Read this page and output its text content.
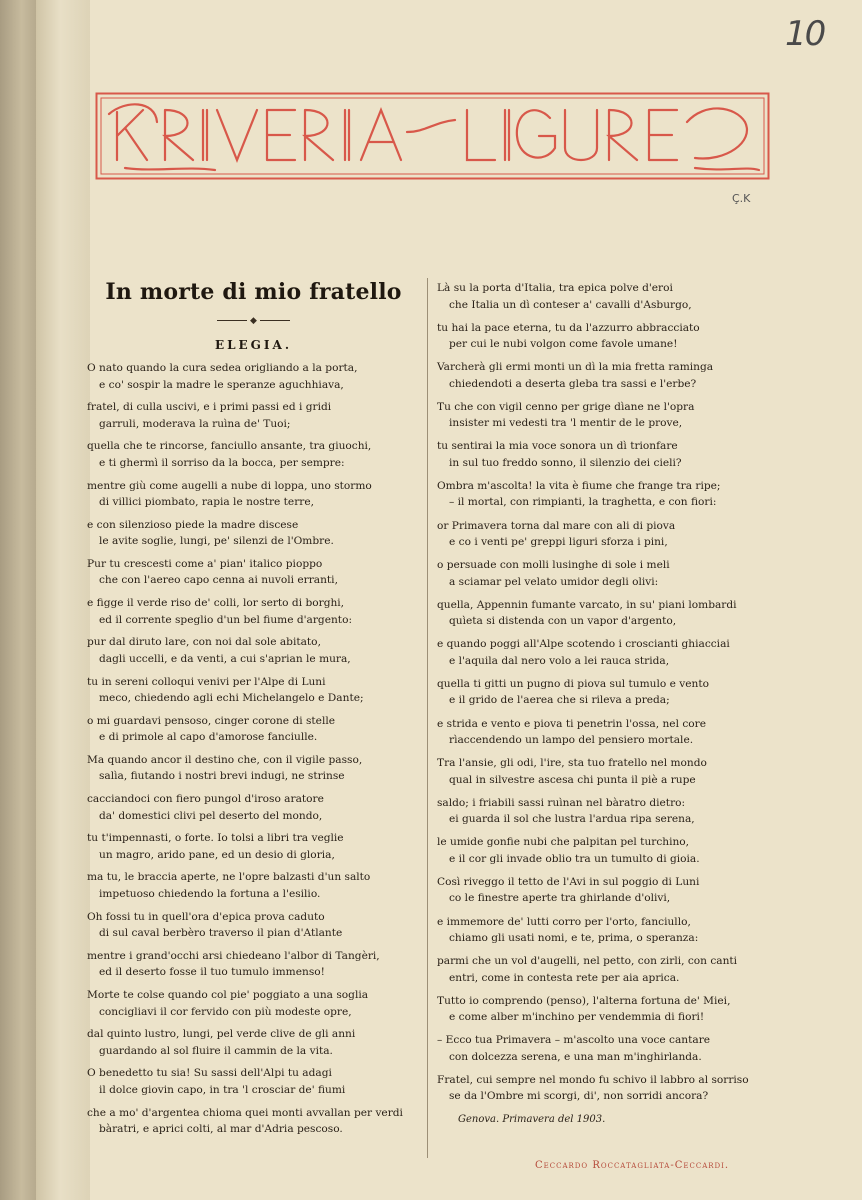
10
Ç.K
In morte di mio fratello
◆
ELEGIA.
O nato quando la cura sedea origliando a la porta,
e co' sospir la madre le speranze aguchhiava,
fratel, di culla uscivi, e i primi passi ed i gridi
garruli, moderava la ruìna de' Tuoi;
quella che te rincorse, fanciullo ansante, tra giuochi,
e ti ghermì il sorriso da la bocca, per sempre:
mentre giù come augelli a nube di loppa, uno stormo
di villici piombato, rapia le nostre terre,
e con silenzioso piede la madre discese
le avite soglie, lungi, pe' silenzi de l'Ombre.
Pur tu crescesti come a' pian' italico pioppo
che con l'aereo capo cenna ai nuvoli erranti,
e figge il verde riso de' colli, lor serto di borghi,
ed il corrente speglio d'un bel fiume d'argento:
pur dal diruto lare, con noi dal sole abitato,
dagli uccelli, e da venti, a cui s'aprian le mura,
tu in sereni colloqui venivi per l'Alpe di Luni
meco, chiedendo agli echi Michelangelo e Dante;
o mi guardavi pensoso, cinger corone di stelle
e di primole al capo d'amorose fanciulle.
Ma quando ancor il destino che, con il vigile passo,
salìa, fiutando i nostri brevi indugi, ne strinse
cacciandoci con fiero pungol d'iroso aratore
da' domestici clivi pel deserto del mondo,
tu t'impennasti, o forte. Io tolsi a libri tra veglie
un magro, arido pane, ed un desio di gloria,
ma tu, le braccia aperte, ne l'opre balzasti d'un salto
impetuoso chiedendo la fortuna a l'esilio.
Oh fossi tu in quell'ora d'epica prova caduto
di sul caval berbèro traverso il pian d'Atlante
mentre i grand'occhi arsi chiedeano l'albor di Tangèri,
ed il deserto fosse il tuo tumulo immenso!
Morte te colse quando col pie' poggiato a una soglia
concigliavi il cor fervido con più modeste opre,
dal quinto lustro, lungi, pel verde clive de gli anni
guardando al sol fluire il cammin de la vita.
O benedetto tu sia! Su sassi dell'Alpi tu adagi
il dolce giovin capo, in tra 'l crosciar de' fiumi
che a mo' d'argentea chioma quei monti avvallan per verdi
bàratri, e aprici colti, al mar d'Adria pescoso.
Là su la porta d'Italia, tra epica polve d'eroi
che Italia un dì conteser a' cavalli d'Asburgo,
tu hai la pace eterna, tu da l'azzurro abbracciato
per cui le nubi volgon come favole umane!
Varcherà gli ermi monti un dì la mia fretta raminga
chiedendoti a deserta gleba tra sassi e l'erbe?
Tu che con vigil cenno per grige dìane ne l'opra
insister mi vedesti tra 'l mentir de le prove,
tu sentirai la mia voce sonora un dì trionfare
in sul tuo freddo sonno, il silenzio dei cieli?
Ombra m'ascolta! la vita è fiume che frange tra ripe;
– il mortal, con rimpianti, la traghetta, e con fiori:
or Primavera torna dal mare con ali di piova
e co i venti pe' greppi liguri sforza i pini,
o persuade con molli lusinghe di sole i meli
a sciamar pel velato umidor degli olivi:
quella, Appennin fumante varcato, in su' piani lombardi
quìeta si distenda con un vapor d'argento,
e quando poggi all'Alpe scotendo i croscianti ghiacciai
e l'aquila dal nero volo a lei rauca strida,
quella ti gitti un pugno di piova sul tumulo e vento
e il grido de l'aerea che si rileva a preda;
e strida e vento e piova ti penetrin l'ossa, nel core
rìaccendendo un lampo del pensiero mortale.
Tra l'ansie, gli odi, l'ire, sta tuo fratello nel mondo
qual in silvestre ascesa chi punta il piè a rupe
saldo; i friabili sassi ruìnan nel bàratro dietro:
ei guarda il sol che lustra l'ardua ripa serena,
le umide gonfie nubi che palpitan pel turchino,
e il cor gli invade oblio tra un tumulto di gioia.
Così riveggo il tetto de l'Avi in sul poggio di Luni
co le finestre aperte tra ghirlande d'olivi,
e immemore de' lutti corro per l'orto, fanciullo,
chiamo gli usati nomi, e te, prima, o speranza:
parmi che un vol d'augelli, nel petto, con zirli, con canti
entri, come in contesta rete per aia aprica.
Tutto io comprendo (penso), l'alterna fortuna de' Miei,
e come alber m'inchino per vendemmia di fiori!
– Ecco tua Primavera – m'ascolto una voce cantare
con dolcezza serena, e una man m'inghirlanda.
Fratel, cui sempre nel mondo fu schivo il labbro al sorriso
se da l'Ombre mi scorgi, di', non sorridi ancora?
Genova. Primavera del 1903.
Ceccardo Roccatagliata-Ceccardi.
